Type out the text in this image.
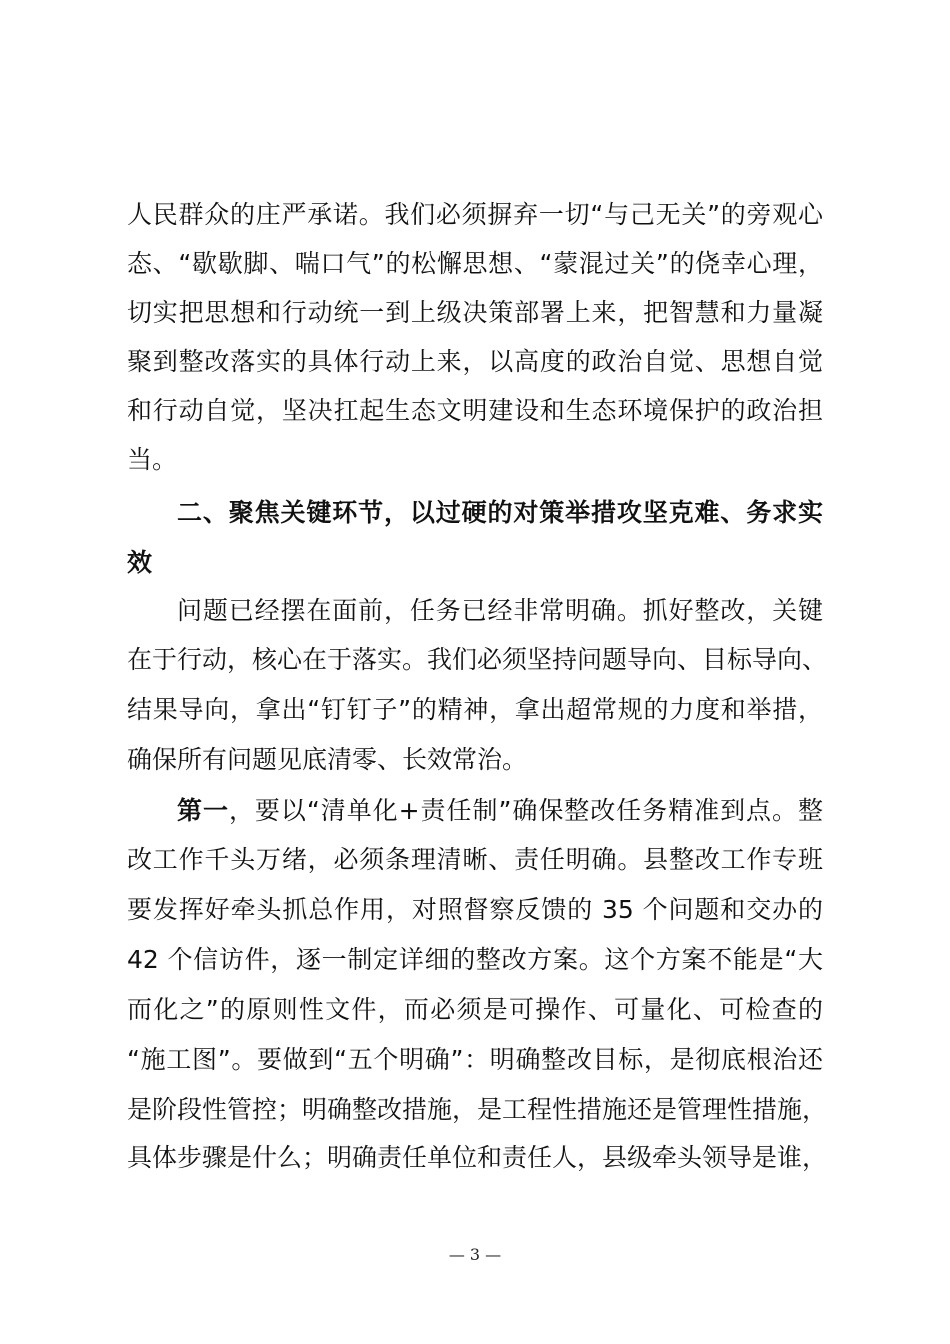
人民群众的庄严承诺。我们必须摒弃一切“与己无关”的旁观心
态、“歇歇脚、喘口气”的松懈思想、“蒙混过关”的侥幸心理，
切实把思想和行动统一到上级决策部署上来，把智慧和力量凝
聚到整改落实的具体行动上来，以高度的政治自觉、思想自觉
和行动自觉，坚决扛起生态文明建设和生态环境保护的政治担
当。
二、聚焦关键环节，以过硬的对策举措攻坚克难、务求实
效
问题已经摆在面前，任务已经非常明确。抓好整改，关键
在于行动，核心在于落实。我们必须坚持问题导向、目标导向、
结果导向，拿出“钉钉子”的精神，拿出超常规的力度和举措，
确保所有问题见底清零、长效常治。
第一，要以“清单化+责任制”确保整改任务精准到点。整
改工作千头万绪，必须条理清晰、责任明确。县整改工作专班
要发挥好牵头抓总作用，对照督察反馈的 35 个问题和交办的
42 个信访件，逐一制定详细的整改方案。这个方案不能是“大
而化之”的原则性文件，而必须是可操作、可量化、可检查的
“施工图”。要做到“五个明确”：明确整改目标，是彻底根治还
是阶段性管控；明确整改措施，是工程性措施还是管理性措施，
具体步骤是什么；明确责任单位和责任人，县级牵头领导是谁，
— 3 —
